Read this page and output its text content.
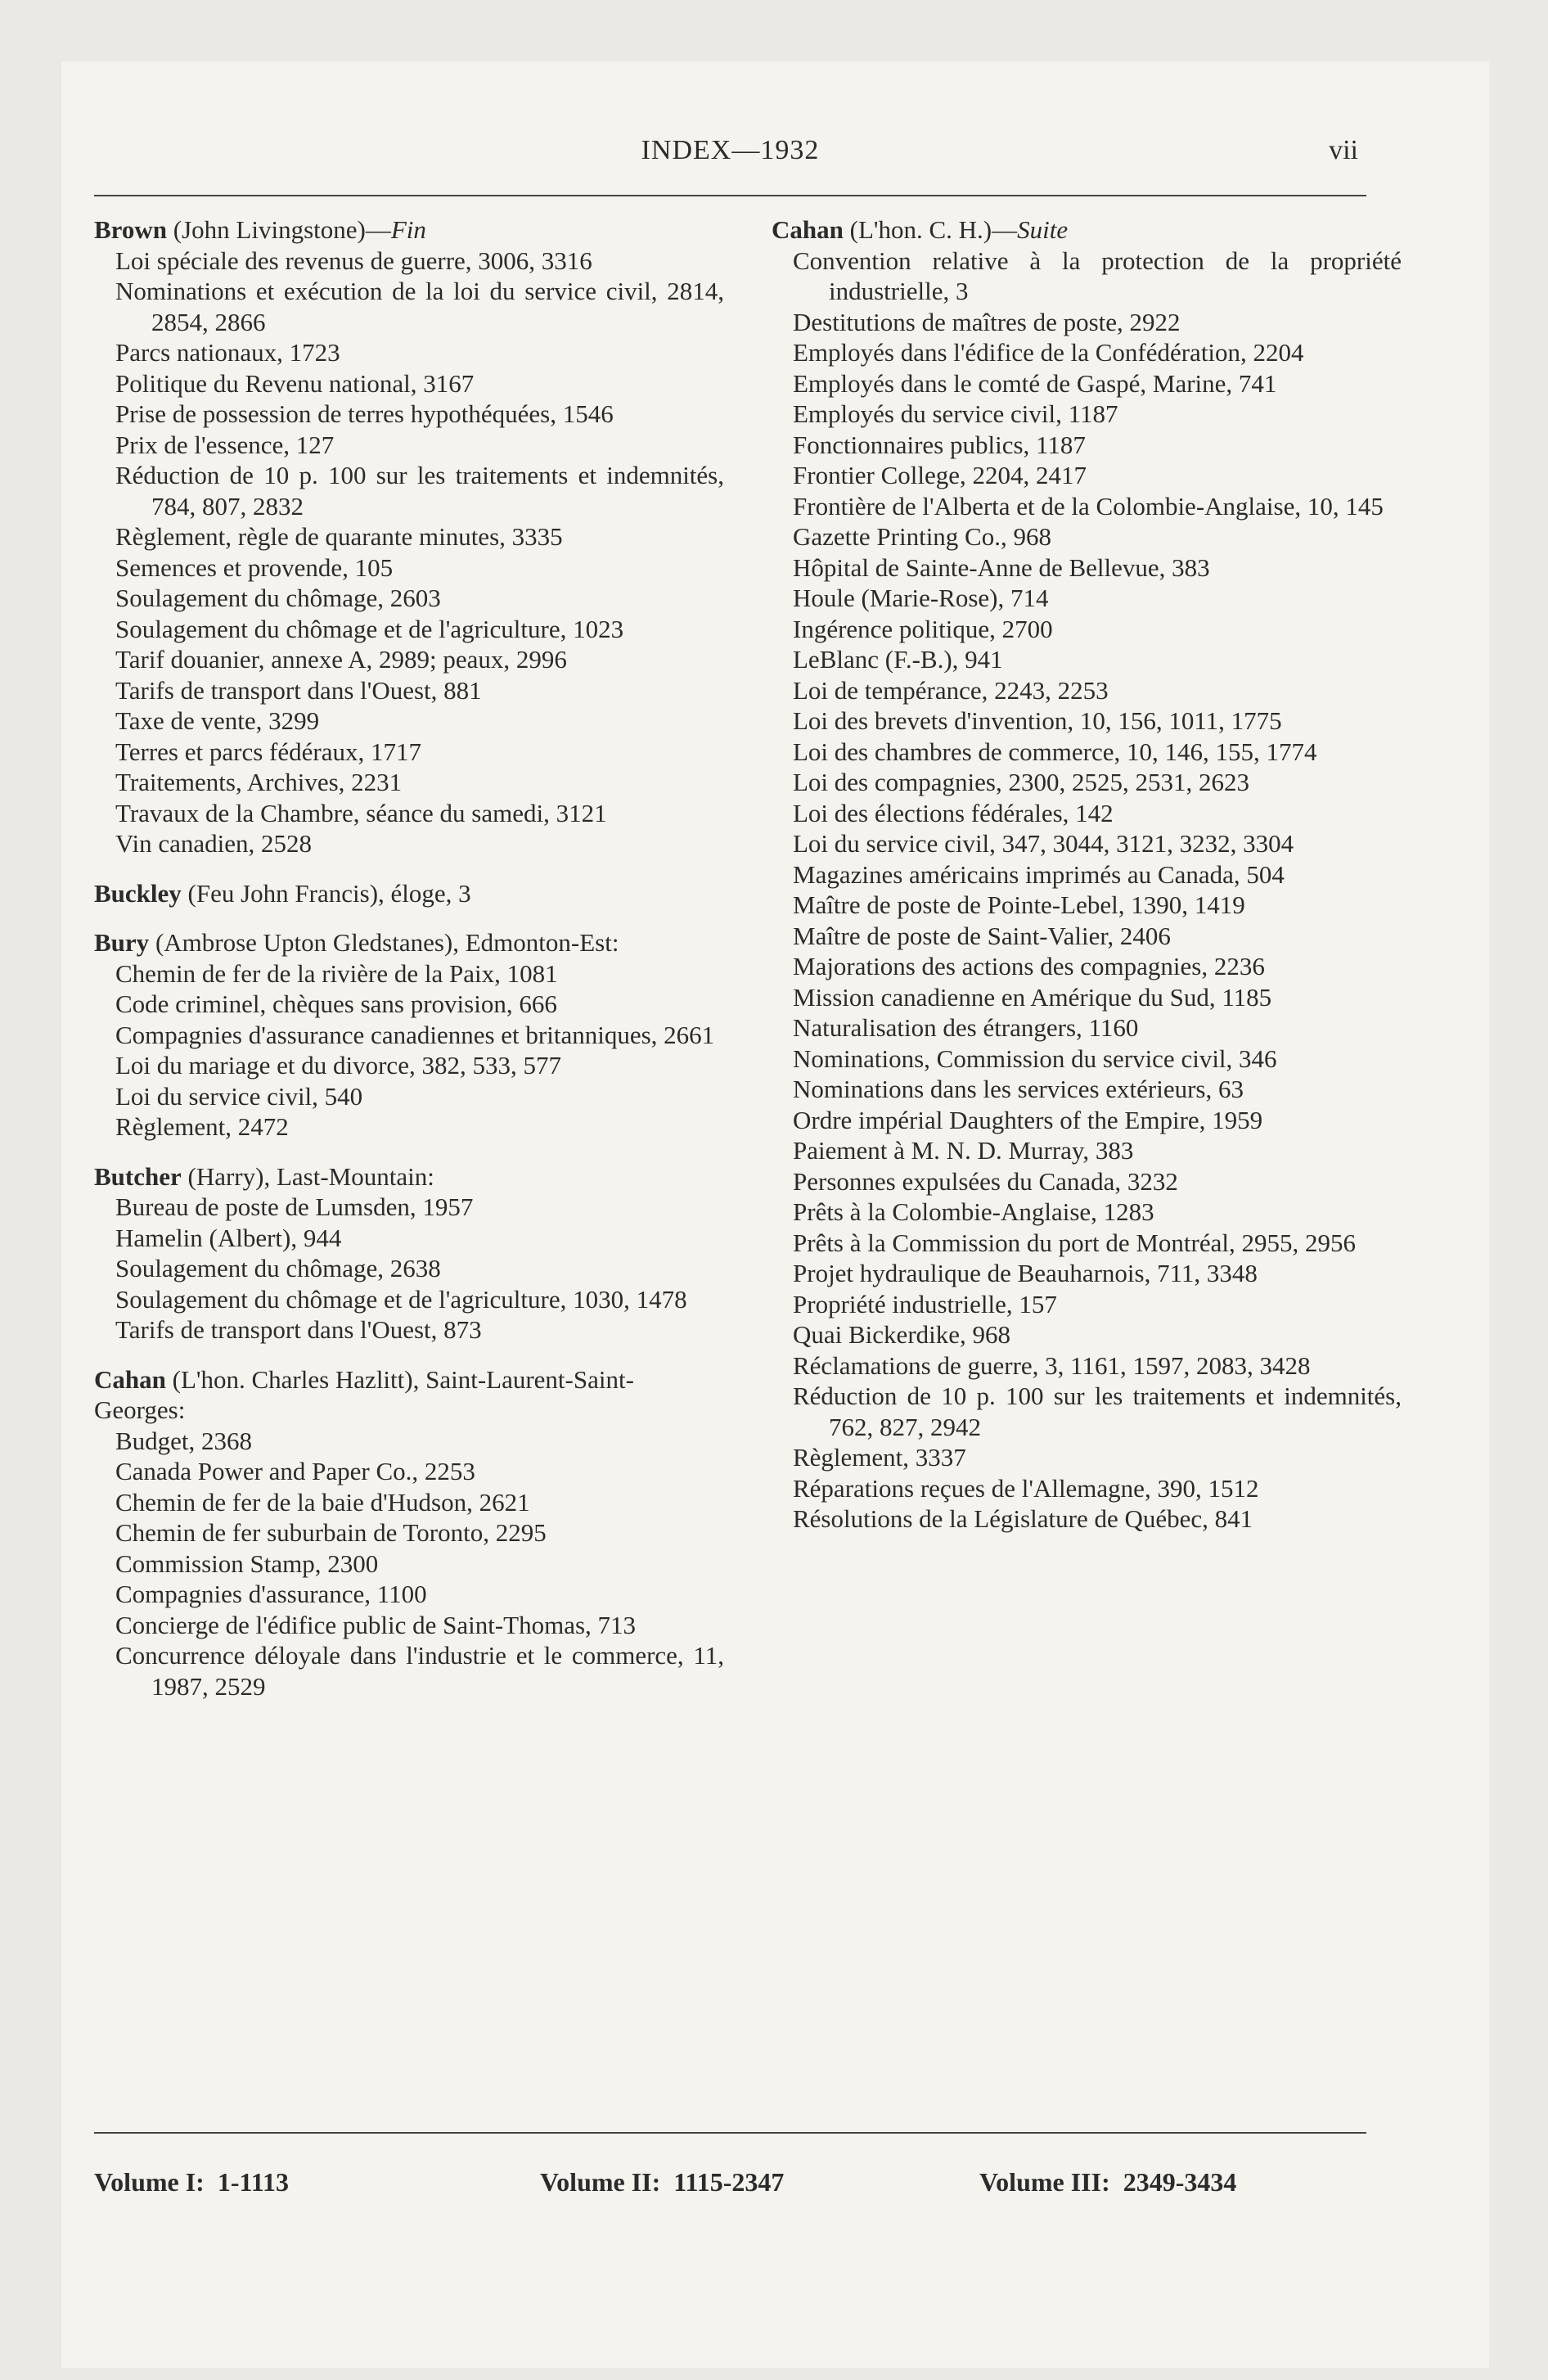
INDEX—1932	vii
Brown (John Livingstone)—Fin
Loi spéciale des revenus de guerre, 3006, 3316
Nominations et exécution de la loi du service civil, 2814, 2854, 2866
Parcs nationaux, 1723
Politique du Revenu national, 3167
Prise de possession de terres hypothéquées, 1546
Prix de l'essence, 127
Réduction de 10 p. 100 sur les traitements et indemnités, 784, 807, 2832
Règlement, règle de quarante minutes, 3335
Semences et provende, 105
Soulagement du chômage, 2603
Soulagement du chômage et de l'agriculture, 1023
Tarif douanier, annexe A, 2989; peaux, 2996
Tarifs de transport dans l'Ouest, 881
Taxe de vente, 3299
Terres et parcs fédéraux, 1717
Traitements, Archives, 2231
Travaux de la Chambre, séance du samedi, 3121
Vin canadien, 2528
Buckley (Feu John Francis), éloge, 3
Bury (Ambrose Upton Gledstanes), Edmonton-Est:
Chemin de fer de la rivière de la Paix, 1081
Code criminel, chèques sans provision, 666
Compagnies d'assurance canadiennes et britanniques, 2661
Loi du mariage et du divorce, 382, 533, 577
Loi du service civil, 540
Règlement, 2472
Butcher (Harry), Last-Mountain:
Bureau de poste de Lumsden, 1957
Hamelin (Albert), 944
Soulagement du chômage, 2638
Soulagement du chômage et de l'agriculture, 1030, 1478
Tarifs de transport dans l'Ouest, 873
Cahan (L'hon. Charles Hazlitt), Saint-Laurent-Saint-Georges:
Budget, 2368
Canada Power and Paper Co., 2253
Chemin de fer de la baie d'Hudson, 2621
Chemin de fer suburbain de Toronto, 2295
Commission Stamp, 2300
Compagnies d'assurance, 1100
Concierge de l'édifice public de Saint-Thomas, 713
Concurrence déloyale dans l'industrie et le commerce, 11, 1987, 2529
Cahan (L'hon. C. H.)—Suite
Convention relative à la protection de la propriété industrielle, 3
Destitutions de maîtres de poste, 2922
Employés dans l'édifice de la Confédération, 2204
Employés dans le comté de Gaspé, Marine, 741
Employés du service civil, 1187
Fonctionnaires publics, 1187
Frontier College, 2204, 2417
Frontière de l'Alberta et de la Colombie-Anglaise, 10, 145
Gazette Printing Co., 968
Hôpital de Sainte-Anne de Bellevue, 383
Houle (Marie-Rose), 714
Ingérence politique, 2700
LeBlanc (F.-B.), 941
Loi de tempérance, 2243, 2253
Loi des brevets d'invention, 10, 156, 1011, 1775
Loi des chambres de commerce, 10, 146, 155, 1774
Loi des compagnies, 2300, 2525, 2531, 2623
Loi des élections fédérales, 142
Loi du service civil, 347, 3044, 3121, 3232, 3304
Magazines américains imprimés au Canada, 504
Maître de poste de Pointe-Lebel, 1390, 1419
Maître de poste de Saint-Valier, 2406
Majorations des actions des compagnies, 2236
Mission canadienne en Amérique du Sud, 1185
Naturalisation des étrangers, 1160
Nominations, Commission du service civil, 346
Nominations dans les services extérieurs, 63
Ordre impérial Daughters of the Empire, 1959
Paiement à M. N. D. Murray, 383
Personnes expulsées du Canada, 3232
Prêts à la Colombie-Anglaise, 1283
Prêts à la Commission du port de Montréal, 2955, 2956
Projet hydraulique de Beauharnois, 711, 3348
Propriété industrielle, 157
Quai Bickerdike, 968
Réclamations de guerre, 3, 1161, 1597, 2083, 3428
Réduction de 10 p. 100 sur les traitements et indemnités, 762, 827, 2942
Règlement, 3337
Réparations reçues de l'Allemagne, 390, 1512
Résolutions de la Législature de Québec, 841
Volume I:  1-1113	Volume II:  1115-2347	Volume III:  2349-3434
